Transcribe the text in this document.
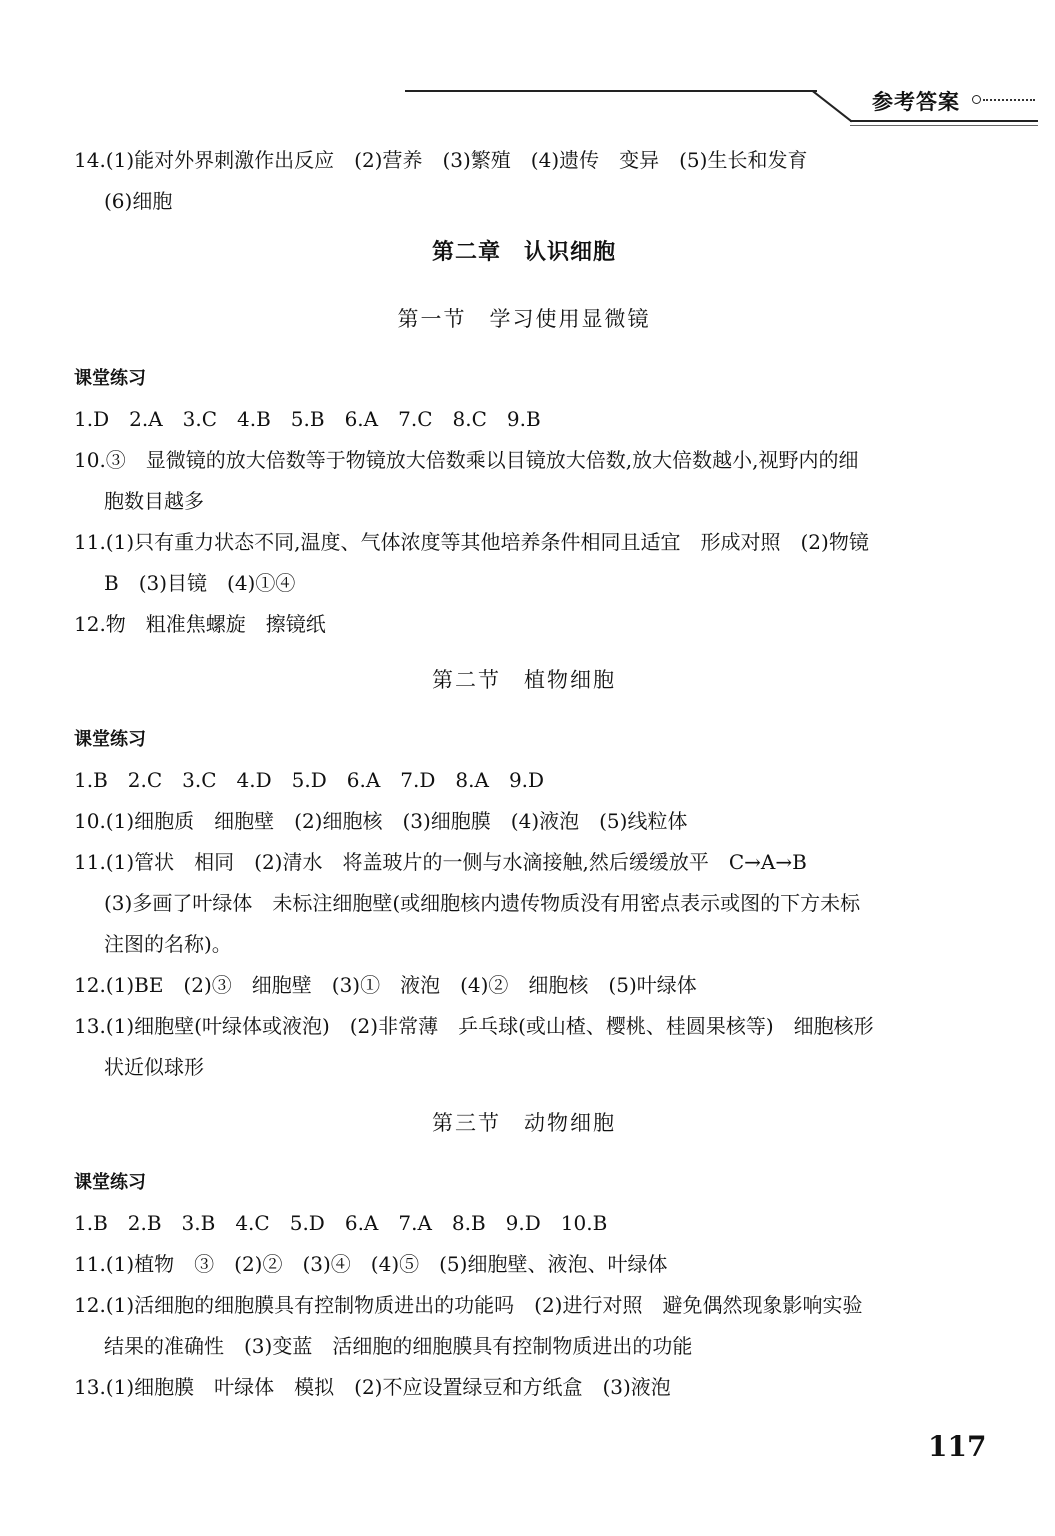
参考答案
14.(1)能对外界刺激作出反应　(2)营养　(3)繁殖　(4)遗传　变异　(5)生长和发育
(6)细胞
第二章　认识细胞
第一节　学习使用显微镜
课堂练习
1.D　2.A　3.C　4.B　5.B　6.A　7.C　8.C　9.B
10.③　显微镜的放大倍数等于物镜放大倍数乘以目镜放大倍数,放大倍数越小,视野内的细
胞数目越多
11.(1)只有重力状态不同,温度、气体浓度等其他培养条件相同且适宜　形成对照　(2)物镜
B　(3)目镜　(4)①④
12.物　粗准焦螺旋　擦镜纸
第二节　植物细胞
课堂练习
1.B　2.C　3.C　4.D　5.D　6.A　7.D　8.A　9.D
10.(1)细胞质　细胞壁　(2)细胞核　(3)细胞膜　(4)液泡　(5)线粒体
11.(1)管状　相同　(2)清水　将盖玻片的一侧与水滴接触,然后缓缓放平　C→A→B
(3)多画了叶绿体　未标注细胞壁(或细胞核内遗传物质没有用密点表示或图的下方未标
注图的名称)。
12.(1)BE　(2)③　细胞壁　(3)①　液泡　(4)②　细胞核　(5)叶绿体
13.(1)细胞壁(叶绿体或液泡)　(2)非常薄　乒乓球(或山楂、樱桃、桂圆果核等)　细胞核形
状近似球形
第三节　动物细胞
课堂练习
1.B　2.B　3.B　4.C　5.D　6.A　7.A　8.B　9.D　10.B
11.(1)植物　③　(2)②　(3)④　(4)⑤　(5)细胞壁、液泡、叶绿体
12.(1)活细胞的细胞膜具有控制物质进出的功能吗　(2)进行对照　避免偶然现象影响实验
结果的准确性　(3)变蓝　活细胞的细胞膜具有控制物质进出的功能
13.(1)细胞膜　叶绿体　模拟　(2)不应设置绿豆和方纸盒　(3)液泡
117
